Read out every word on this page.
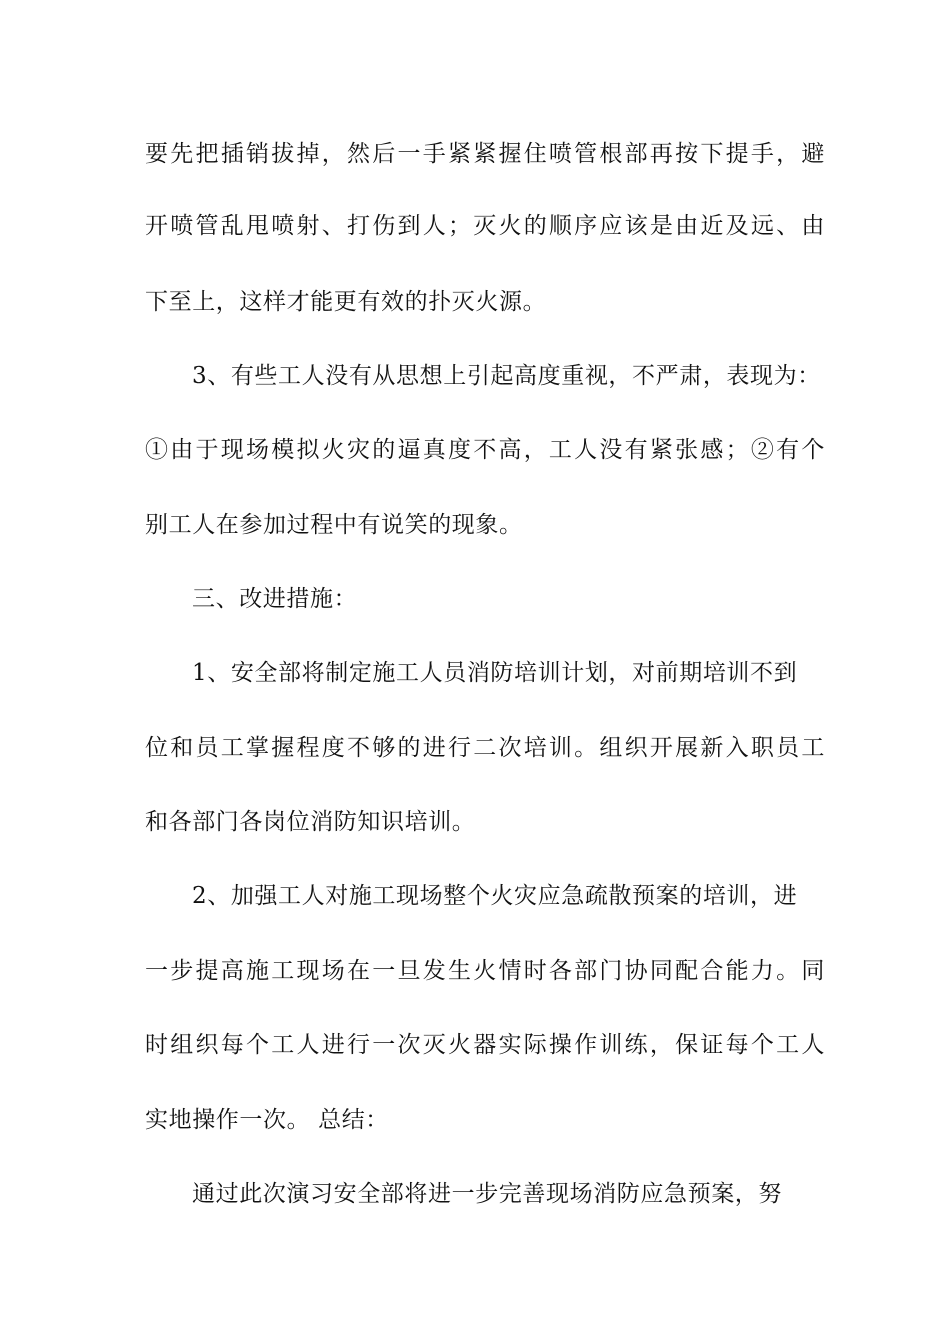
要先把插销拔掉，然后一手紧紧握住喷管根部再按下提手，避
开喷管乱甩喷射、打伤到人；灭火的顺序应该是由近及远、由
下至上，这样才能更有效的扑灭火源。
3、有些工人没有从思想上引起高度重视，不严肃，表现为：
①由于现场模拟火灾的逼真度不高，工人没有紧张感；②有个
别工人在参加过程中有说笑的现象。
三、改进措施：
1、安全部将制定施工人员消防培训计划，对前期培训不到
位和员工掌握程度不够的进行二次培训。组织开展新入职员工
和各部门各岗位消防知识培训。
2、加强工人对施工现场整个火灾应急疏散预案的培训，进
一步提高施工现场在一旦发生火情时各部门协同配合能力。同
时组织每个工人进行一次灭火器实际操作训练，保证每个工人
实地操作一次。 总结：
通过此次演习安全部将进一步完善现场消防应急预案，努
